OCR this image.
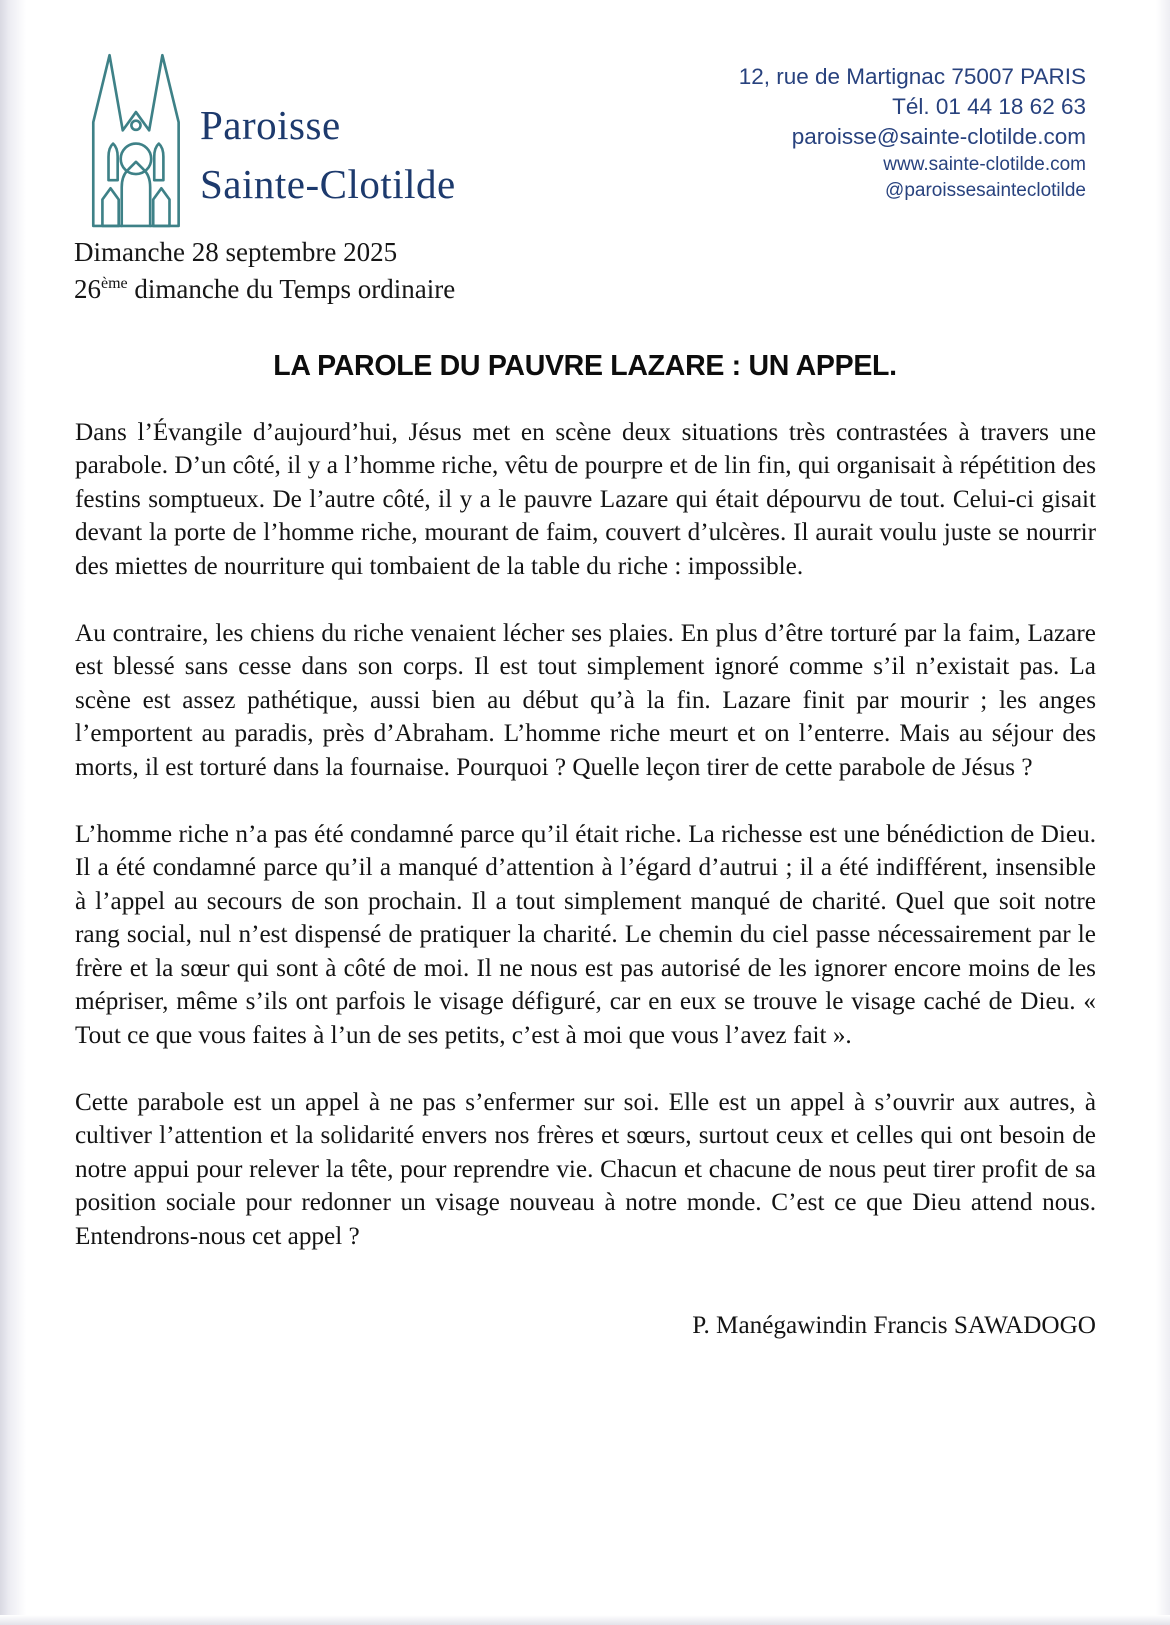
Paroisse
Sainte-Clotilde
12, rue de Martignac 75007 PARIS
Tél. 01 44 18 62 63
paroisse@sainte-clotilde.com
www.sainte-clotilde.com
@paroissesainteclotilde
Dimanche 28 septembre 2025
26ème dimanche du Temps ordinaire
LA PAROLE DU PAUVRE LAZARE : UN APPEL.

Dans l’Évangile d’aujourd’hui, Jésus met en scène deux situations très contrastées à travers une parabole. D’un côté, il y a l’homme riche, vêtu de pourpre et de lin fin, qui organisait à répétition des festins somptueux. De l’autre côté, il y a le pauvre Lazare qui était dépourvu de tout. Celui-ci gisait devant la porte de l’homme riche, mourant de faim, couvert d’ulcères. Il aurait voulu juste se nourrir des miettes de nourriture qui tombaient de la table du riche : impossible.

Au contraire, les chiens du riche venaient lécher ses plaies. En plus d’être torturé par la faim, Lazare est blessé sans cesse dans son corps. Il est tout simplement ignoré comme s’il n’existait pas. La scène est assez pathétique, aussi bien au début qu’à la fin. Lazare finit par mourir ; les anges l’emportent au paradis, près d’Abraham. L’homme riche meurt et on l’enterre. Mais au séjour des morts, il est torturé dans la fournaise. Pourquoi ? Quelle leçon tirer de cette parabole de Jésus ?

L’homme riche n’a pas été condamné parce qu’il était riche. La richesse est une bénédiction de Dieu. Il a été condamné parce qu’il a manqué d’attention à l’égard d’autrui ; il a été indifférent, insensible à l’appel au secours de son prochain. Il a tout simplement manqué de charité. Quel que soit notre rang social, nul n’est dispensé de pratiquer la charité. Le chemin du ciel passe nécessairement par le frère et la sœur qui sont à côté de moi. Il ne nous est pas autorisé de les ignorer encore moins de les mépriser, même s’ils ont parfois le visage défiguré, car en eux se trouve le visage caché de Dieu. « Tout ce que vous faites à l’un de ses petits, c’est à moi que vous l’avez fait ».

Cette parabole est un appel à ne pas s’enfermer sur soi. Elle est un appel à s’ouvrir aux autres, à cultiver l’attention et la solidarité envers nos frères et sœurs, surtout ceux et celles qui ont besoin de notre appui pour relever la tête, pour reprendre vie. Chacun et chacune de nous peut tirer profit de sa position sociale pour redonner un visage nouveau à notre monde. C’est ce que Dieu attend nous. Entendrons-nous cet appel ?

P. Manégawindin Francis SAWADOGO
